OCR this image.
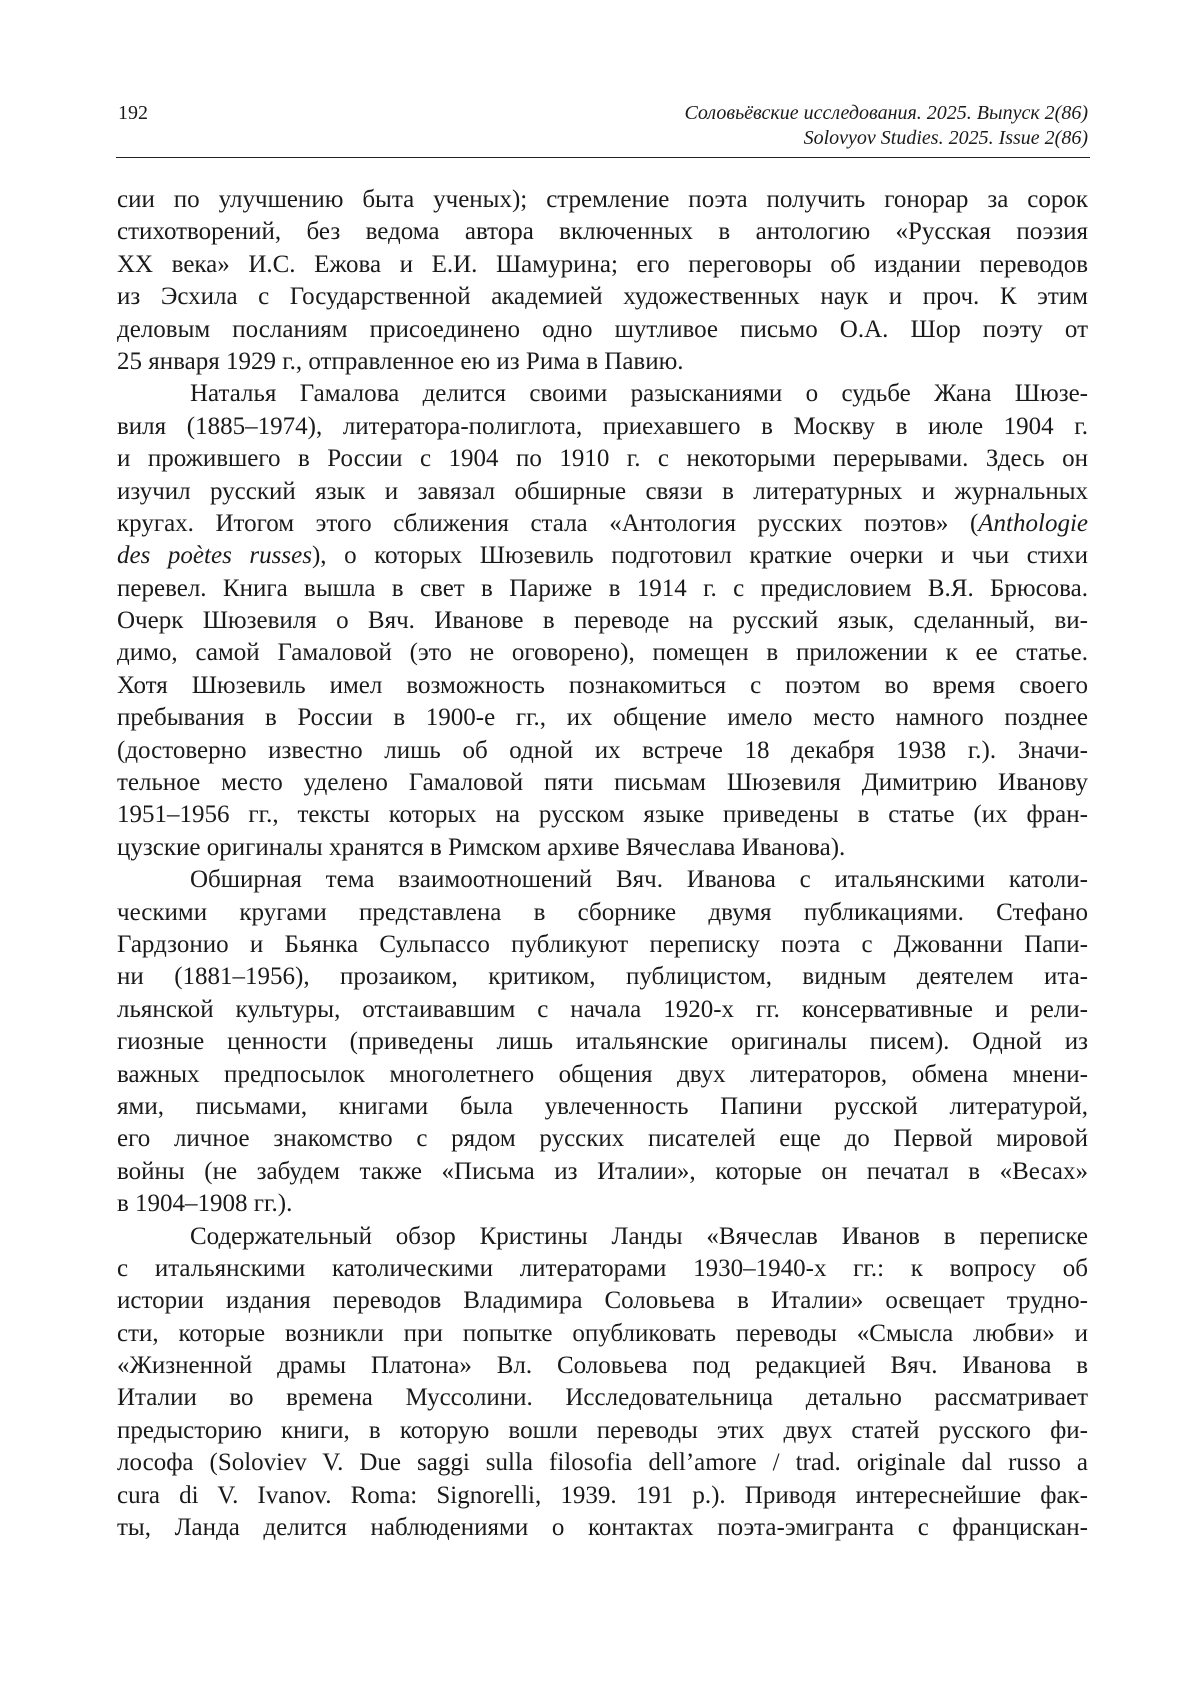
192	Соловьёвские исследования. 2025. Выпуск 2(86)
Solovyov Studies. 2025. Issue 2(86)
сии по улучшению быта ученых); стремление поэта получить гонорар за сорок
стихотворений, без ведома автора включенных в антологию «Русская поэзия
XX века» И.С. Ежова и Е.И. Шамурина; его переговоры об издании переводов
из Эсхила с Государственной академией художественных наук и проч. К этим
деловым посланиям присоединено одно шутливое письмо О.А. Шор поэту от
25 января 1929 г., отправленное ею из Рима в Павию.
Наталья Гамалова делится своими разысканиями о судьбе Жана Шюзе-
виля (1885–1974), литератора-полиглота, приехавшего в Москву в июле 1904 г.
и прожившего в России с 1904 по 1910 г. с некоторыми перерывами. Здесь он
изучил русский язык и завязал обширные связи в литературных и журнальных
кругах. Итогом этого сближения стала «Антология русских поэтов» (Anthologie
des poètes russes), о которых Шюзевиль подготовил краткие очерки и чьи стихи
перевел. Книга вышла в свет в Париже в 1914 г. с предисловием В.Я. Брюсова.
Очерк Шюзевиля о Вяч. Иванове в переводе на русский язык, сделанный, ви-
димо, самой Гамаловой (это не оговорено), помещен в приложении к ее статье.
Хотя Шюзевиль имел возможность познакомиться с поэтом во время своего
пребывания в России в 1900-е гг., их общение имело место намного позднее
(достоверно известно лишь об одной их встрече 18 декабря 1938 г.). Значи-
тельное место уделено Гамаловой пяти письмам Шюзевиля Димитрию Иванову
1951–1956 гг., тексты которых на русском языке приведены в статье (их фран-
цузские оригиналы хранятся в Римском архиве Вячеслава Иванова).
Обширная тема взаимоотношений Вяч. Иванова с итальянскими католи-
ческими кругами представлена в сборнике двумя публикациями. Стефано
Гардзонио и Бьянка Сульпассо публикуют переписку поэта с Джованни Папи-
ни (1881–1956), прозаиком, критиком, публицистом, видным деятелем ита-
льянской культуры, отстаивавшим с начала 1920-х гг. консервативные и рели-
гиозные ценности (приведены лишь итальянские оригиналы писем). Одной из
важных предпосылок многолетнего общения двух литераторов, обмена мнени-
ями, письмами, книгами была увлеченность Папини русской литературой,
его личное знакомство с рядом русских писателей еще до Первой мировой
войны (не забудем также «Письма из Италии», которые он печатал в «Весах»
в 1904–1908 гг.).
Содержательный обзор Кристины Ланды «Вячеслав Иванов в переписке
с итальянскими католическими литераторами 1930–1940-х гг.: к вопросу об
истории издания переводов Владимира Соловьева в Италии» освещает трудно-
сти, которые возникли при попытке опубликовать переводы «Смысла любви» и
«Жизненной драмы Платона» Вл. Соловьева под редакцией Вяч. Иванова в
Италии во времена Муссолини. Исследовательница детально рассматривает
предысторию книги, в которую вошли переводы этих двух статей русского фи-
лософа (Soloviev V. Due saggi sulla filosofia dell’amore / trad. originale dal russo a
cura di V. Ivanov. Roma: Signorelli, 1939. 191 p.). Приводя интереснейшие фак-
ты, Ланда делится наблюдениями о контактах поэта-эмигранта с францискан-
